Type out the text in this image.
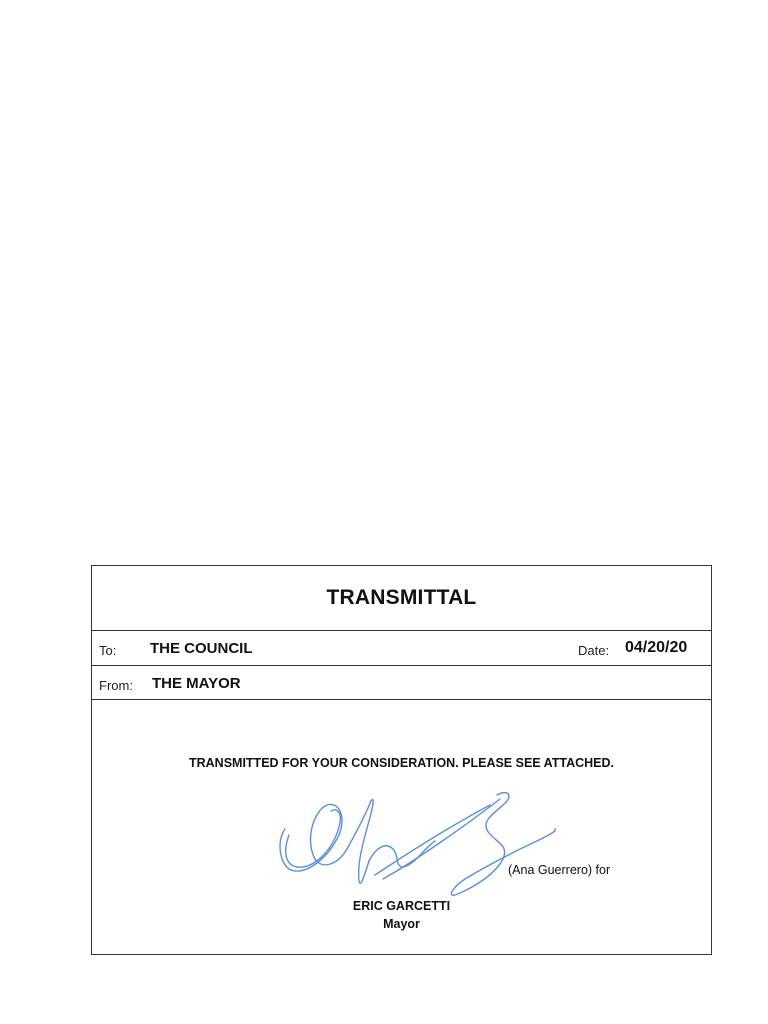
TRANSMITTAL
To: THE COUNCIL	Date: 04/20/20
From: THE MAYOR
TRANSMITTED FOR YOUR CONSIDERATION. PLEASE SEE ATTACHED.
(Ana Guerrero) for
ERIC GARCETTI
Mayor
